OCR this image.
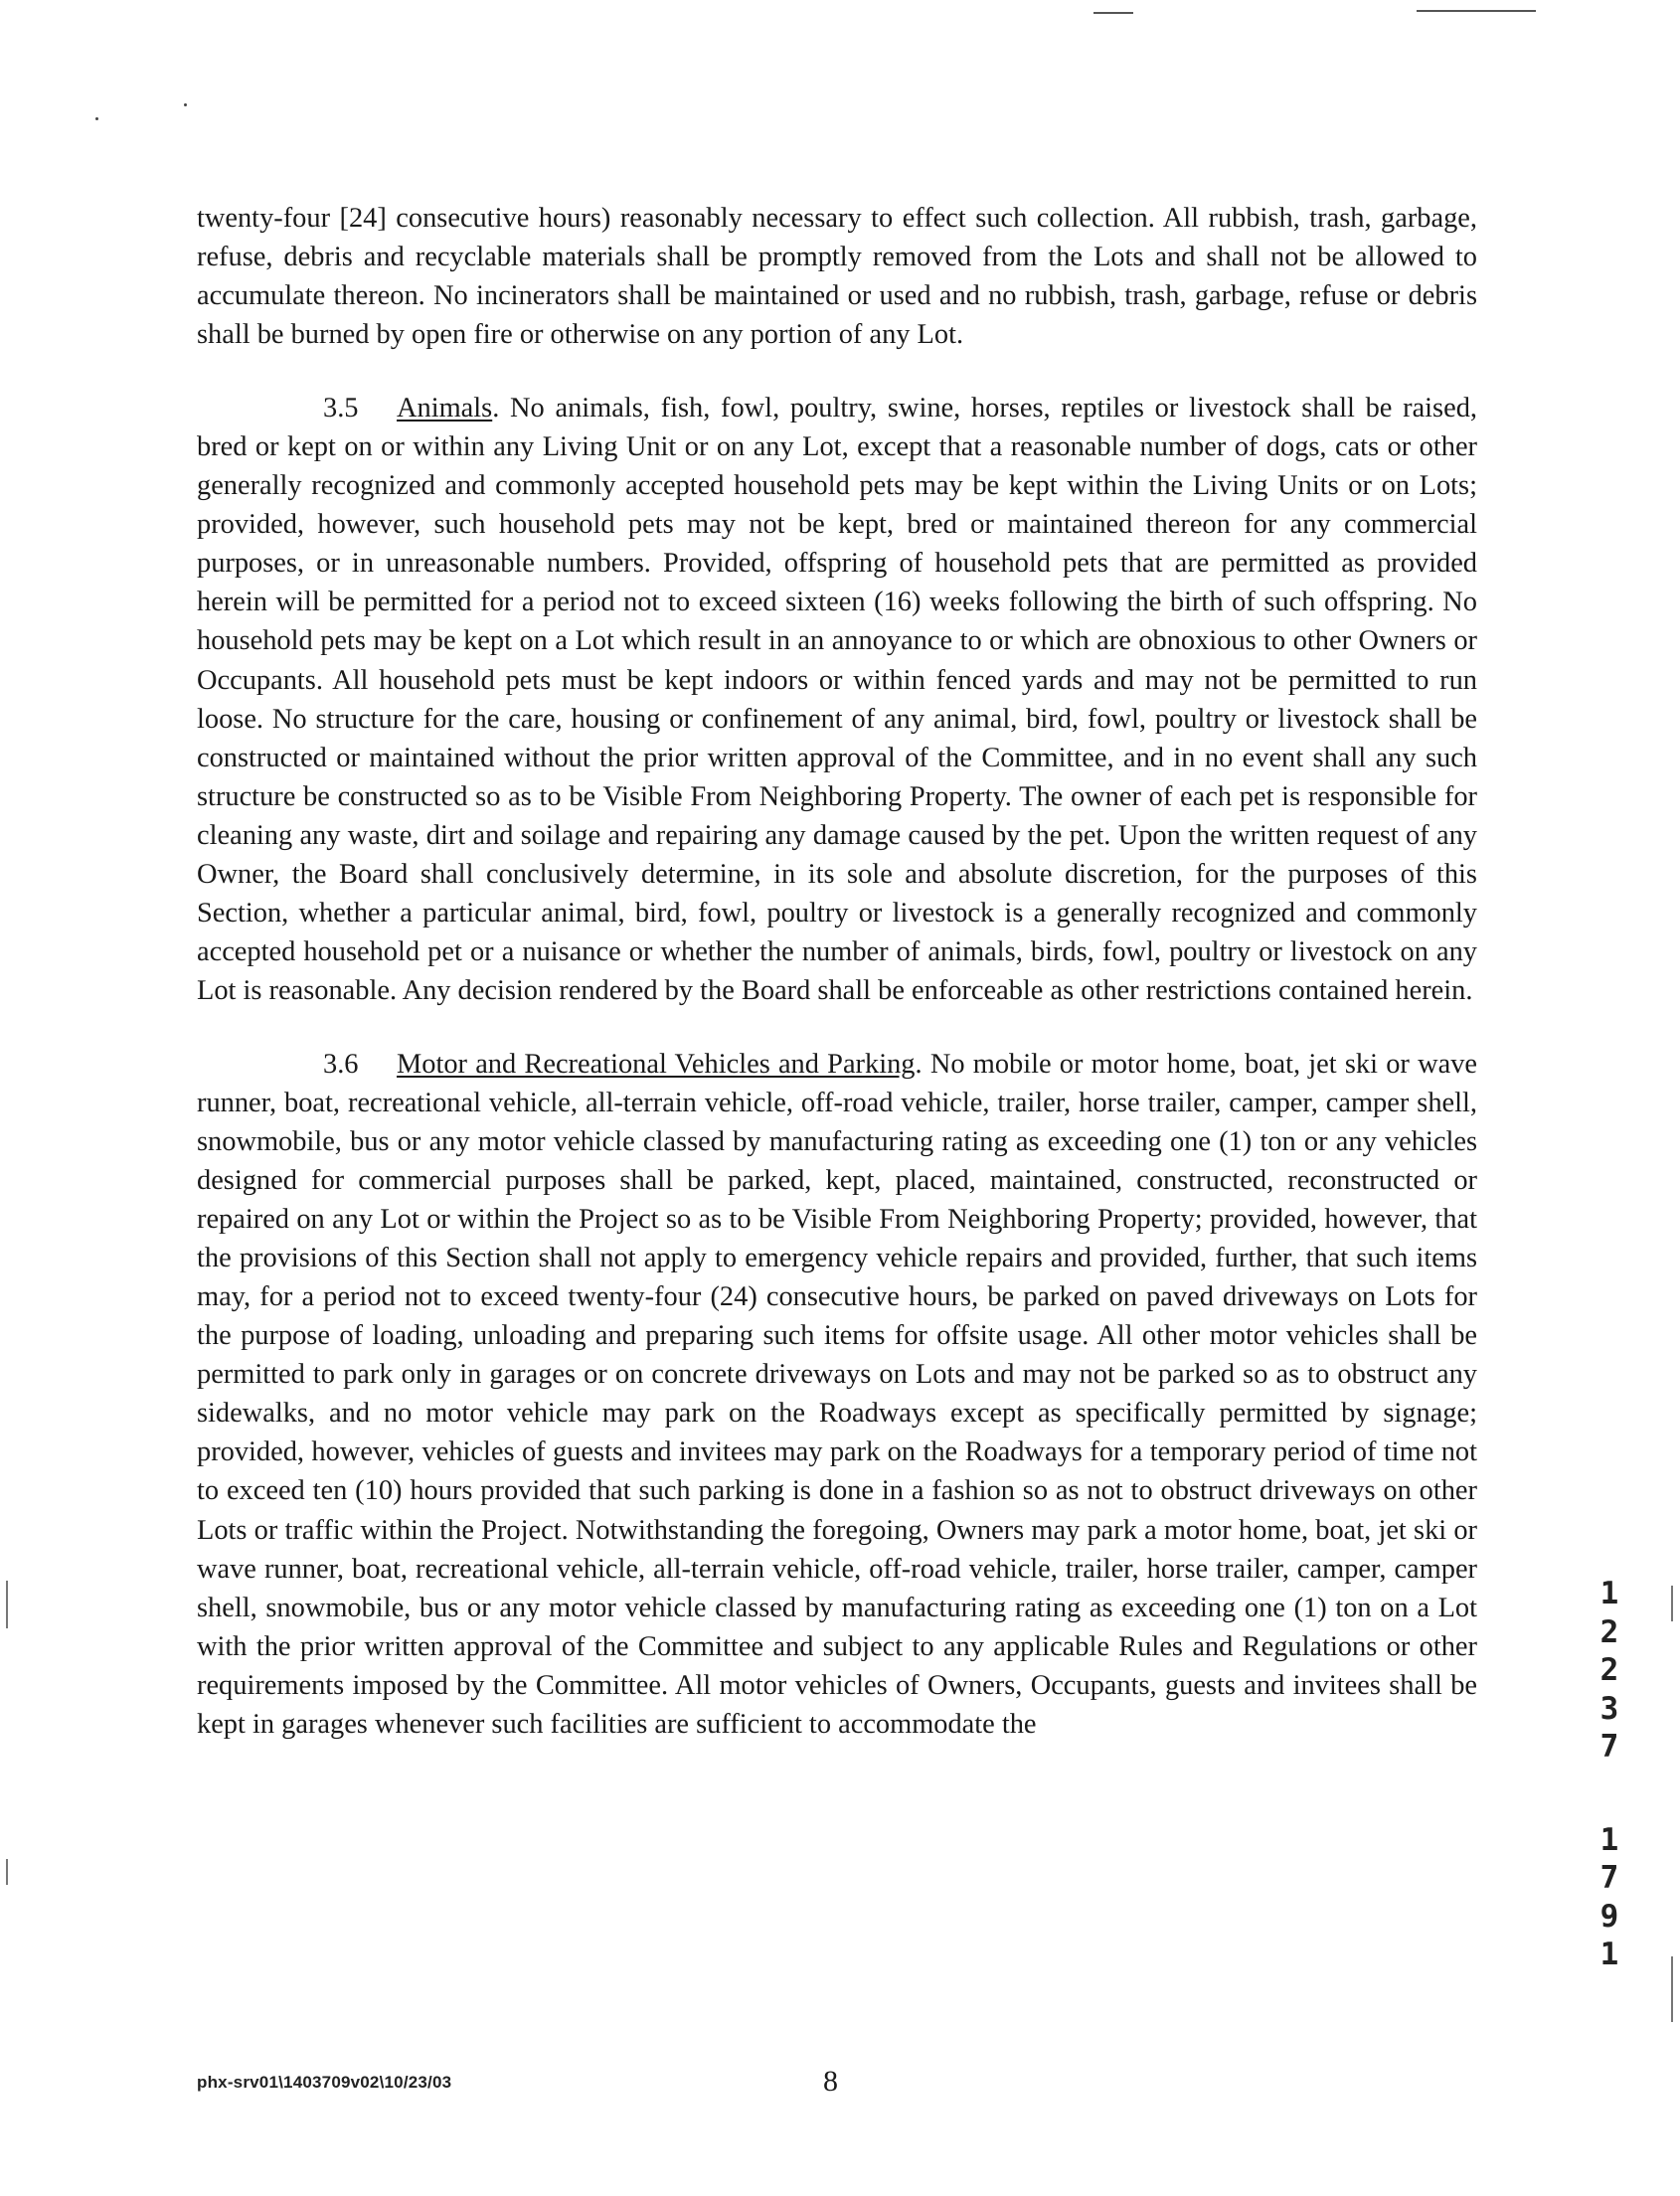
twenty-four [24] consecutive hours) reasonably necessary to effect such collection. All rubbish, trash, garbage, refuse, debris and recyclable materials shall be promptly removed from the Lots and shall not be allowed to accumulate thereon. No incinerators shall be maintained or used and no rubbish, trash, garbage, refuse or debris shall be burned by open fire or otherwise on any portion of any Lot.

3.5 Animals. No animals, fish, fowl, poultry, swine, horses, reptiles or livestock shall be raised, bred or kept on or within any Living Unit or on any Lot, except that a reasonable number of dogs, cats or other generally recognized and commonly accepted household pets may be kept within the Living Units or on Lots; provided, however, such household pets may not be kept, bred or maintained thereon for any commercial purposes, or in unreasonable numbers. Provided, offspring of household pets that are permitted as provided herein will be permitted for a period not to exceed sixteen (16) weeks following the birth of such offspring. No household pets may be kept on a Lot which result in an annoyance to or which are obnoxious to other Owners or Occupants. All household pets must be kept indoors or within fenced yards and may not be permitted to run loose. No structure for the care, housing or confinement of any animal, bird, fowl, poultry or livestock shall be constructed or maintained without the prior written approval of the Committee, and in no event shall any such structure be constructed so as to be Visible From Neighboring Property. The owner of each pet is responsible for cleaning any waste, dirt and soilage and repairing any damage caused by the pet. Upon the written request of any Owner, the Board shall conclusively determine, in its sole and absolute discretion, for the purposes of this Section, whether a particular animal, bird, fowl, poultry or livestock is a generally recognized and commonly accepted household pet or a nuisance or whether the number of animals, birds, fowl, poultry or livestock on any Lot is reasonable. Any decision rendered by the Board shall be enforceable as other restrictions contained herein.

3.6 Motor and Recreational Vehicles and Parking. No mobile or motor home, boat, jet ski or wave runner, boat, recreational vehicle, all-terrain vehicle, off-road vehicle, trailer, horse trailer, camper, camper shell, snowmobile, bus or any motor vehicle classed by manufacturing rating as exceeding one (1) ton or any vehicles designed for commercial purposes shall be parked, kept, placed, maintained, constructed, reconstructed or repaired on any Lot or within the Project so as to be Visible From Neighboring Property; provided, however, that the provisions of this Section shall not apply to emergency vehicle repairs and provided, further, that such items may, for a period not to exceed twenty-four (24) consecutive hours, be parked on paved driveways on Lots for the purpose of loading, unloading and preparing such items for offsite usage. All other motor vehicles shall be permitted to park only in garages or on concrete driveways on Lots and may not be parked so as to obstruct any sidewalks, and no motor vehicle may park on the Roadways except as specifically permitted by signage; provided, however, vehicles of guests and invitees may park on the Roadways for a temporary period of time not to exceed ten (10) hours provided that such parking is done in a fashion so as not to obstruct driveways on other Lots or traffic within the Project. Notwithstanding the foregoing, Owners may park a motor home, boat, jet ski or wave runner, boat, recreational vehicle, all-terrain vehicle, off-road vehicle, trailer, horse trailer, camper, camper shell, snowmobile, bus or any motor vehicle classed by manufacturing rating as exceeding one (1) ton on a Lot with the prior written approval of the Committee and subject to any applicable Rules and Regulations or other requirements imposed by the Committee. All motor vehicles of Owners, Occupants, guests and invitees shall be kept in garages whenever such facilities are sufficient to accommodate the

phx-srv01\1403709v02\10/23/03	8
1
2
2
3
7
1
7
9
1
